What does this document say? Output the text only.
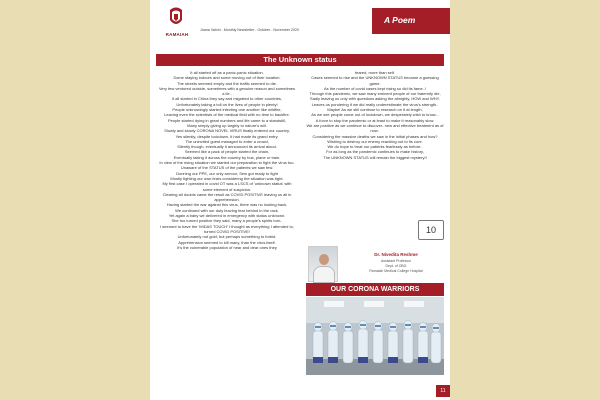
RAMAIAH
Jnana Vahini - Monthly Newsletter - October - November 2020
A Poem
The Unknown status

It all started off as a panic-panic situation.

Some staying indoors and some moving out of their location.

The streets seemed empty and the traffic seemed to die.

Very few ventured outside, sometimes with a genuine reason and sometimes a lie..

It all started in China they say and migrated to other countries,

Unfortunately taking a toll on the lives of people in plenty!

People unknowingly started infecting one another like wildfire,

Leaving even the scientists of the medical field with no time to backfire.

People started dying in great numbers and life came to a standstill,

Many simply giving up largely to nature's will.

Slowly and slowly CORONA NOVEL VIRUS finally entered our country,

Yes silently, despite lockdown, it had made its grand entry.

The uninvited guest managed to enter a crowd,

Silently though, eventually it announced its arrival aloud.

Seemed like a pack of people started the chain,

Eventually taking it across the country by bus, plane or train.

In view of the rising situation we started our preparation to fight the virus too.

Unaware of the STATUS of the patients we saw few.

Donning our PPE, our only armour, Sew got ready to fight

Mostly fighting our own fears considering the situation was tight.

My first case I operated in covid OT was a LSCS of 'unknown status' with some element of suspicion.

Clearing all doubts came the result as COVID POSITIVE leaving us all in apprehension.

Having started the war against this virus, there was no looking back.

We continued with our duty leaving fear behind in the rack.

Yet again a baby we delivered in emergency with status unknown.

She too turned positive they said, many a people's spirits torn..

I seemed to have the 'MIDAS TOUCH' I thought as everything I attended to, turned COVID POSITIVE!

Unfortunately not gold, but perhaps something to forbid.

Apprehension seemed to kill many, than the virus itself.

It's the vulnerable population of near and dear ones they

feared, more than self.

Cases seemed to rise and the UNKNOWN STATUS became a guessing game.

As the number of covid cases kept rising so did its fame..!

Through this pandemic, we saw many eminent people of our fraternity die,

Sadly leaving us only with questions asking the almighty, HOW and WHY.

Leaves us pondering if we did really underestimate the virus's strength..

Maybe! As we still continue to research on it at length,

As we see people come out of lockdown, we desperately wish to know...

A force to stop the pandemic or at least to make it reasonably slow.

We are positive as we continue to discover- new and effective treatment as of now..

Considering the massive deaths we saw in the initial phases and how?

Wishing to destroy our enemy reaching out to its core.

We do hope to treat our patients fearlessly as before..

For as long as the pandemic continues to make history,

The UNKNOWN STATUS will remain the biggest mystery!!

10
Dr. Nivedita Reshme
Assistant Professor
Dept. of OBG
Ramaiah Medical College Hospital
OUR CORONA WARRIORS
11
